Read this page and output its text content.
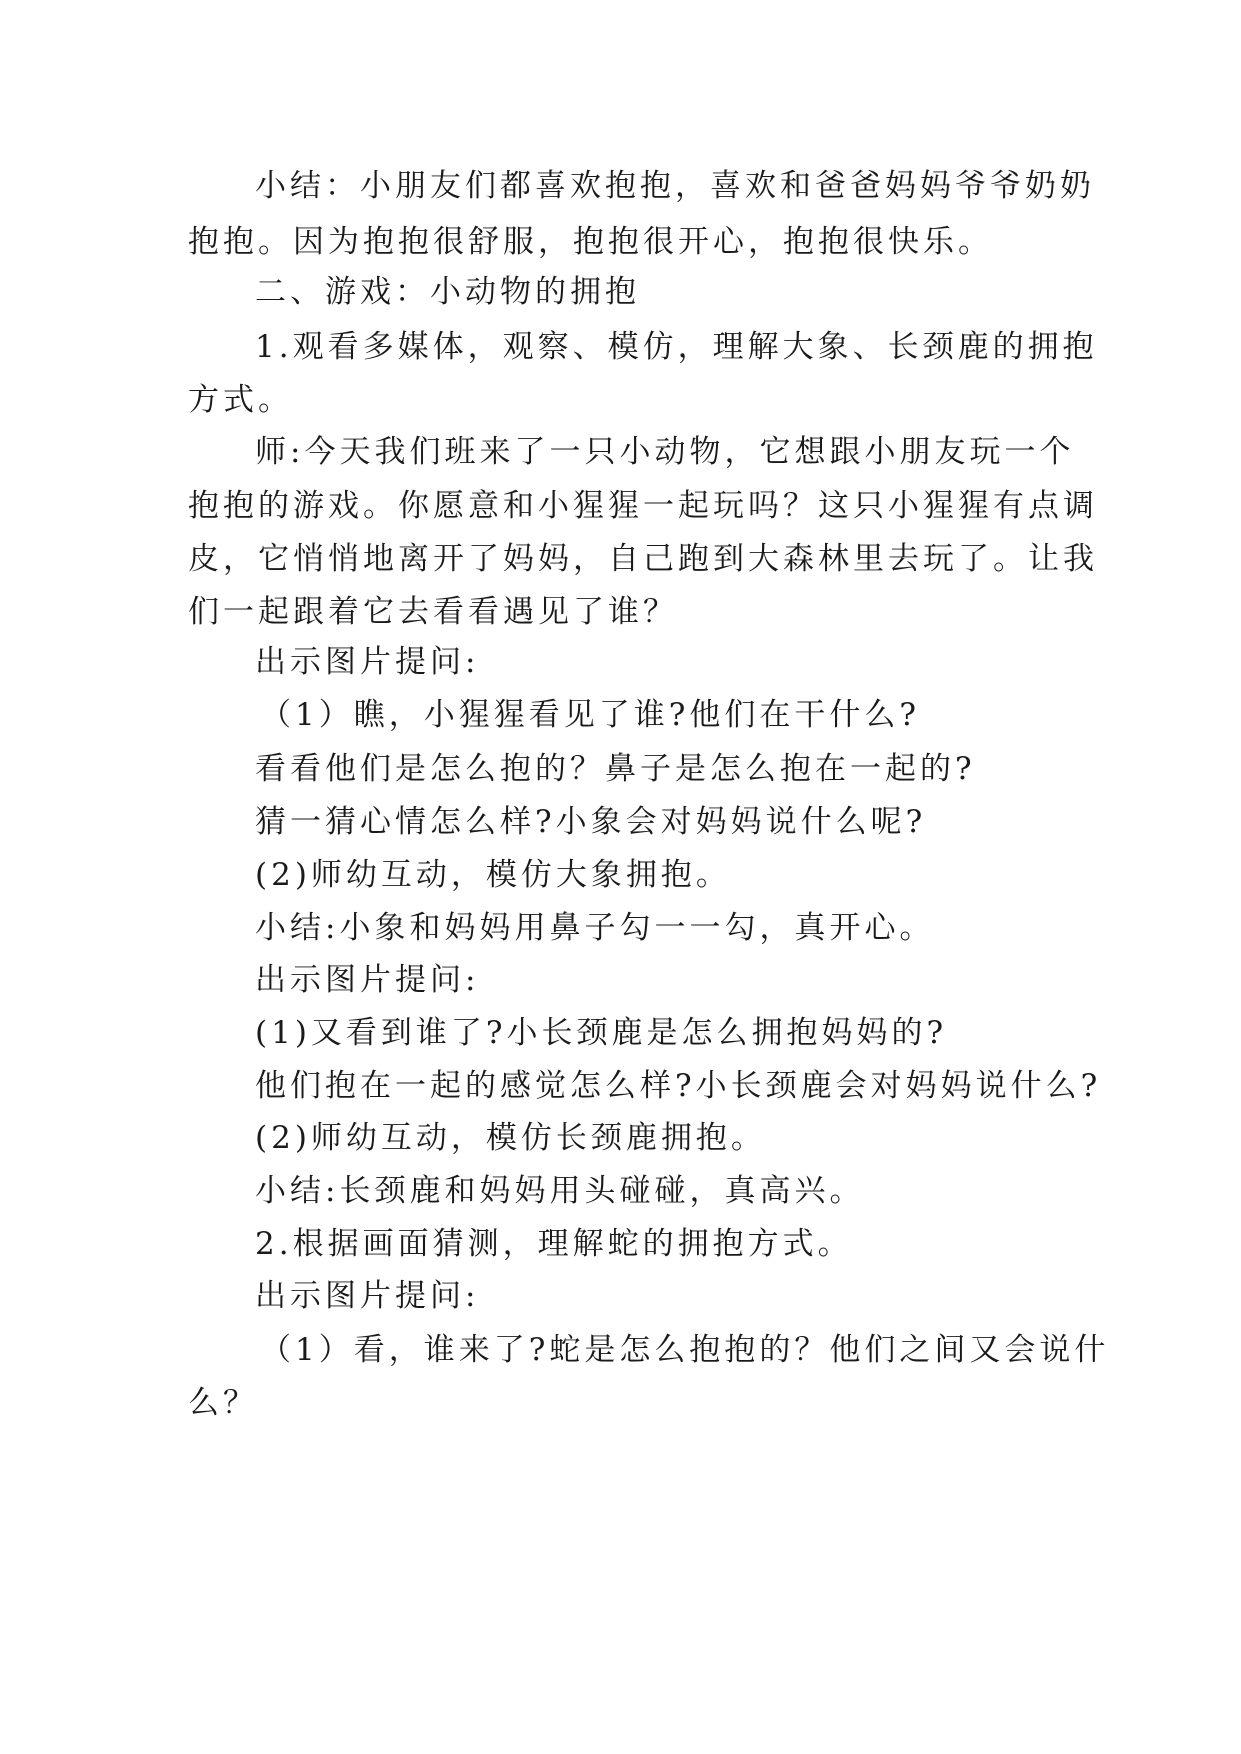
小结：小朋友们都喜欢抱抱，喜欢和爸爸妈妈爷爷奶奶

抱抱。因为抱抱很舒服，抱抱很开心，抱抱很快乐。

二、游戏：小动物的拥抱

1.观看多媒体，观察、模仿，理解大象、长颈鹿的拥抱

方式。

师:今天我们班来了一只小动物，它想跟小朋友玩一个

抱抱的游戏。你愿意和小猩猩一起玩吗？这只小猩猩有点调

皮，它悄悄地离开了妈妈，自己跑到大森林里去玩了。让我

们一起跟着它去看看遇见了谁？

出示图片提问:

（1）瞧，小猩猩看见了谁?他们在干什么?

看看他们是怎么抱的？鼻子是怎么抱在一起的?

猜一猜心情怎么样?小象会对妈妈说什么呢?

(2)师幼互动，模仿大象拥抱。

小结:小象和妈妈用鼻子勾一一勾，真开心。

出示图片提问:

(1)又看到谁了?小长颈鹿是怎么拥抱妈妈的?

他们抱在一起的感觉怎么样?小长颈鹿会对妈妈说什么?

(2)师幼互动，模仿长颈鹿拥抱。

小结:长颈鹿和妈妈用头碰碰，真高兴。

2.根据画面猜测，理解蛇的拥抱方式。

出示图片提问:

（1）看，谁来了?蛇是怎么抱抱的？他们之间又会说什

么？
